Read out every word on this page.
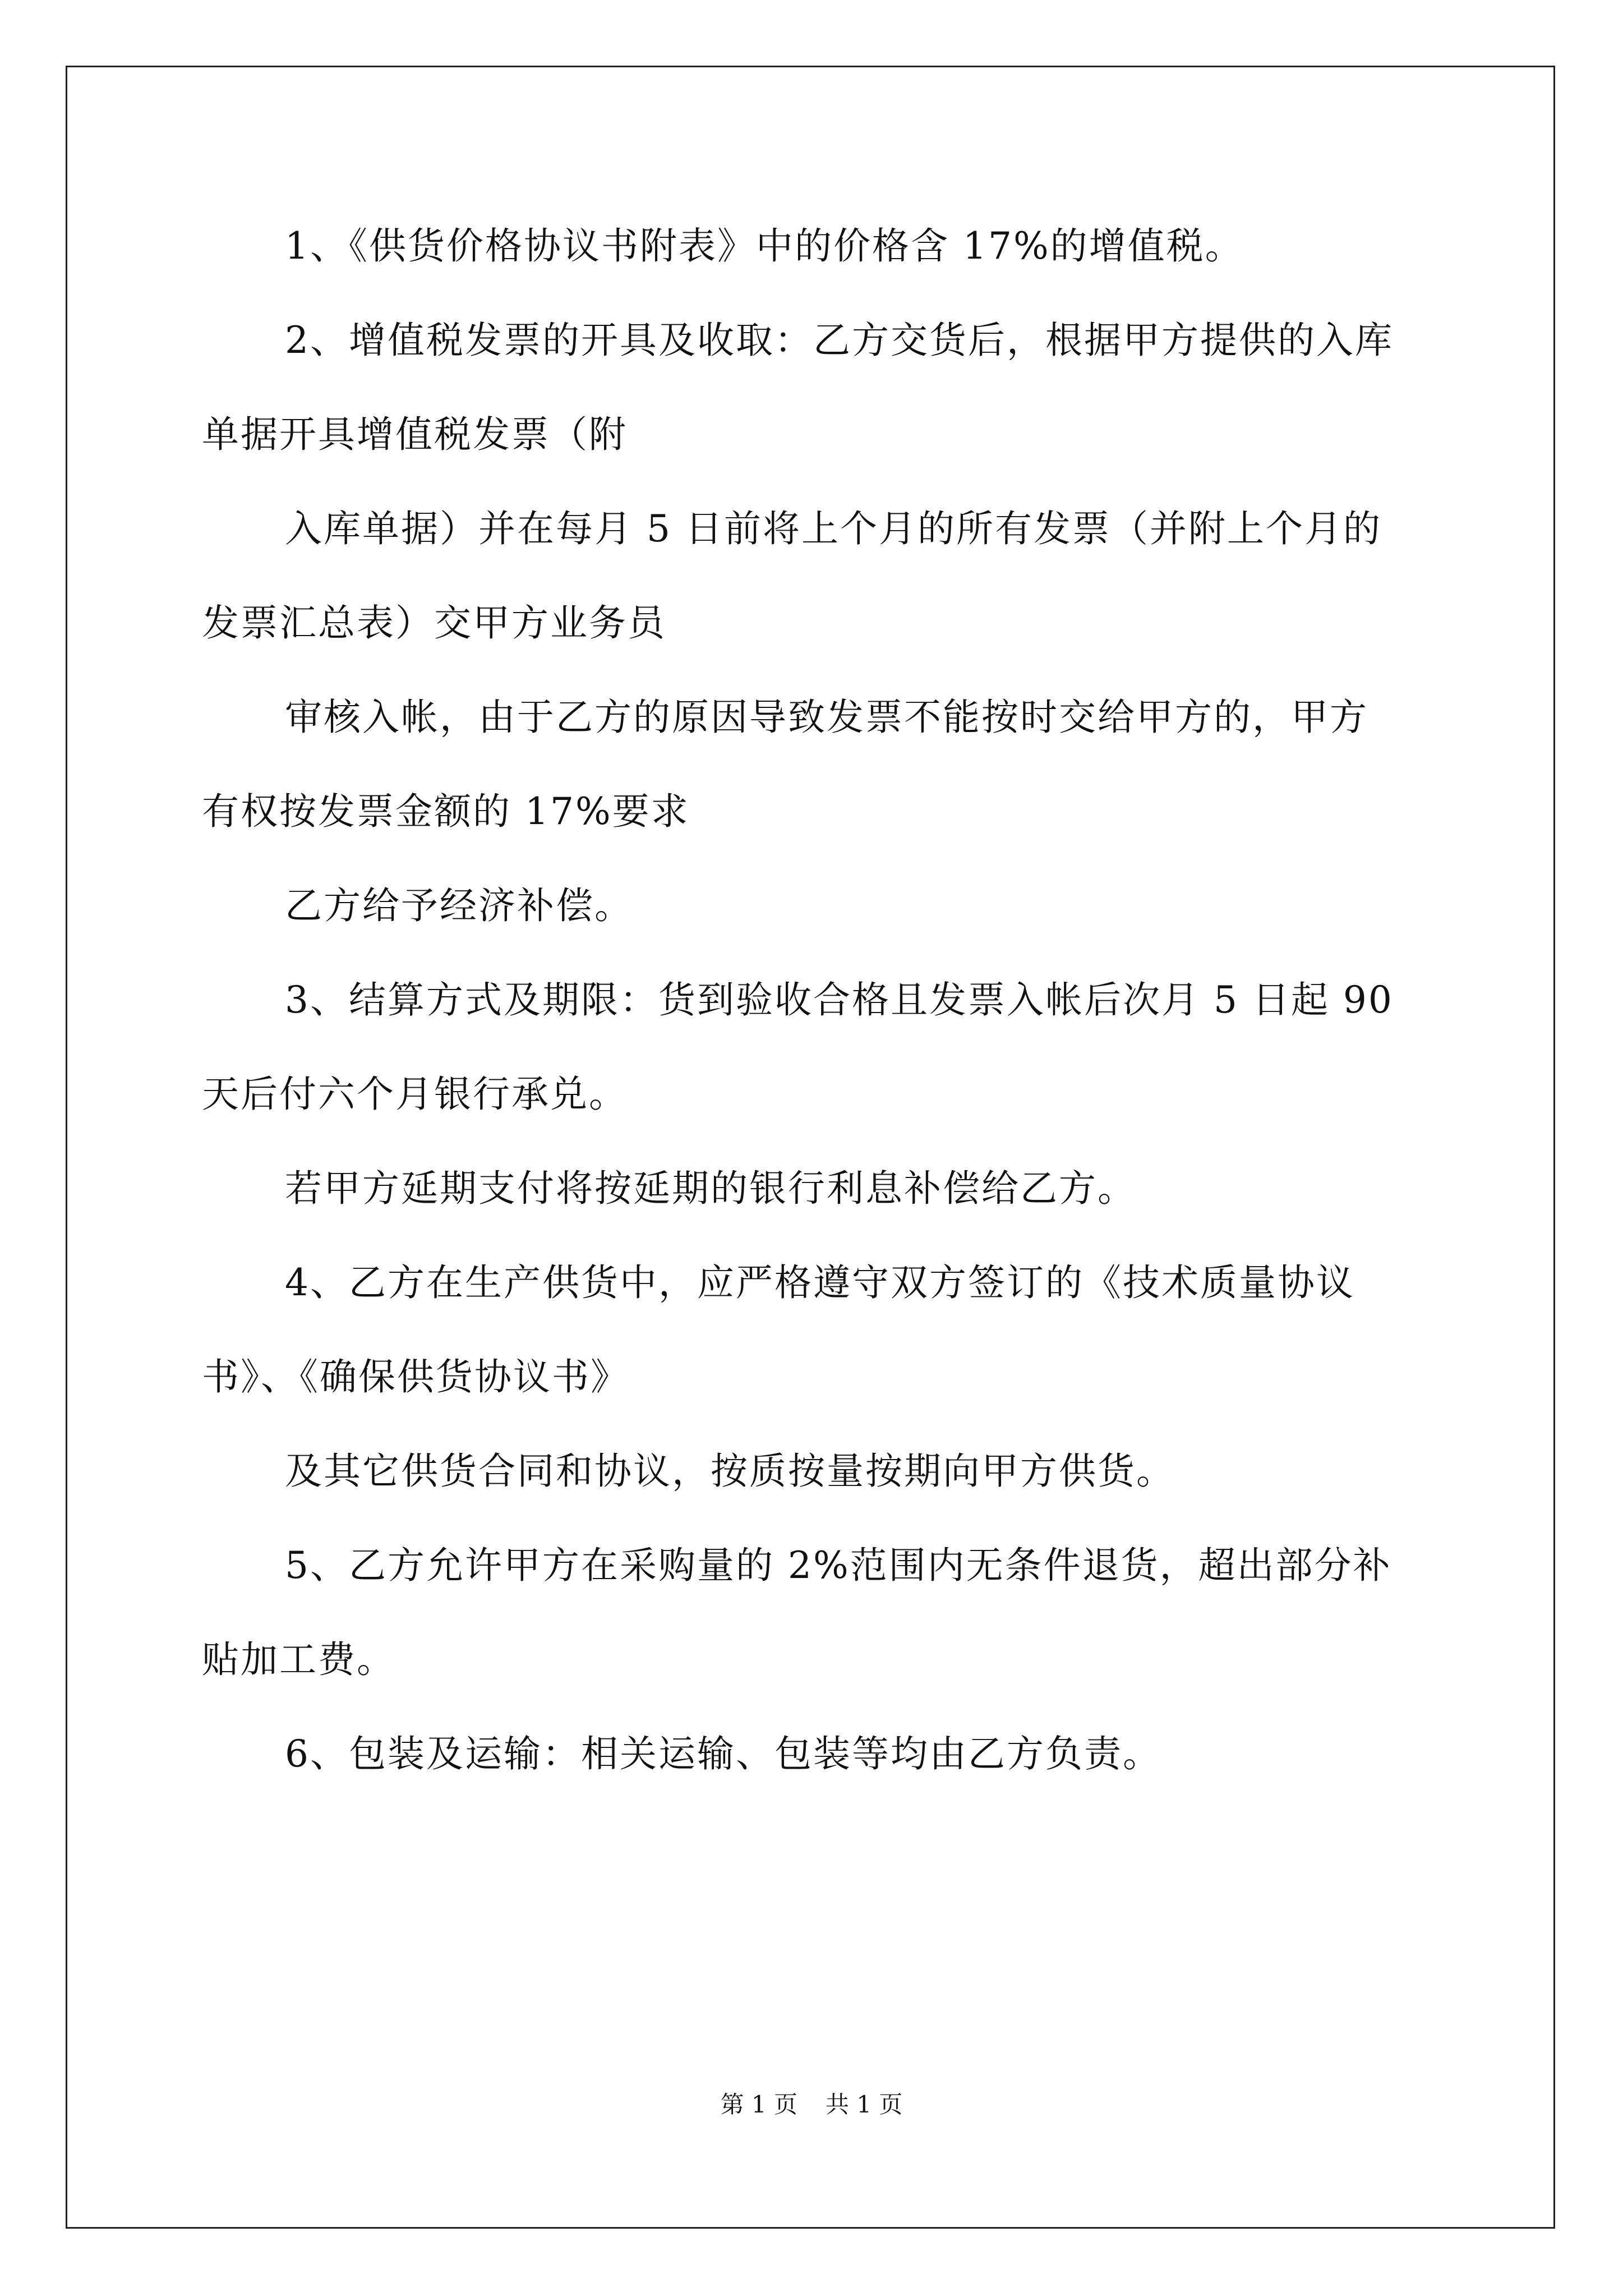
1、《供货价格协议书附表》中的价格含 17%的增值税。
2、增值税发票的开具及收取：乙方交货后，根据甲方提供的入库
单据开具增值税发票（附
入库单据）并在每月 5 日前将上个月的所有发票（并附上个月的
发票汇总表）交甲方业务员
审核入帐，由于乙方的原因导致发票不能按时交给甲方的，甲方
有权按发票金额的 17%要求
乙方给予经济补偿。
3、结算方式及期限：货到验收合格且发票入帐后次月 5 日起 90
天后付六个月银行承兑。
若甲方延期支付将按延期的银行利息补偿给乙方。
4、乙方在生产供货中，应严格遵守双方签订的《技术质量协议
书》、《确保供货协议书》
及其它供货合同和协议，按质按量按期向甲方供货。
5、乙方允许甲方在采购量的 2%范围内无条件退货，超出部分补
贴加工费。
6、包装及运输：相关运输、包装等均由乙方负责。
第 1 页 共 1 页
